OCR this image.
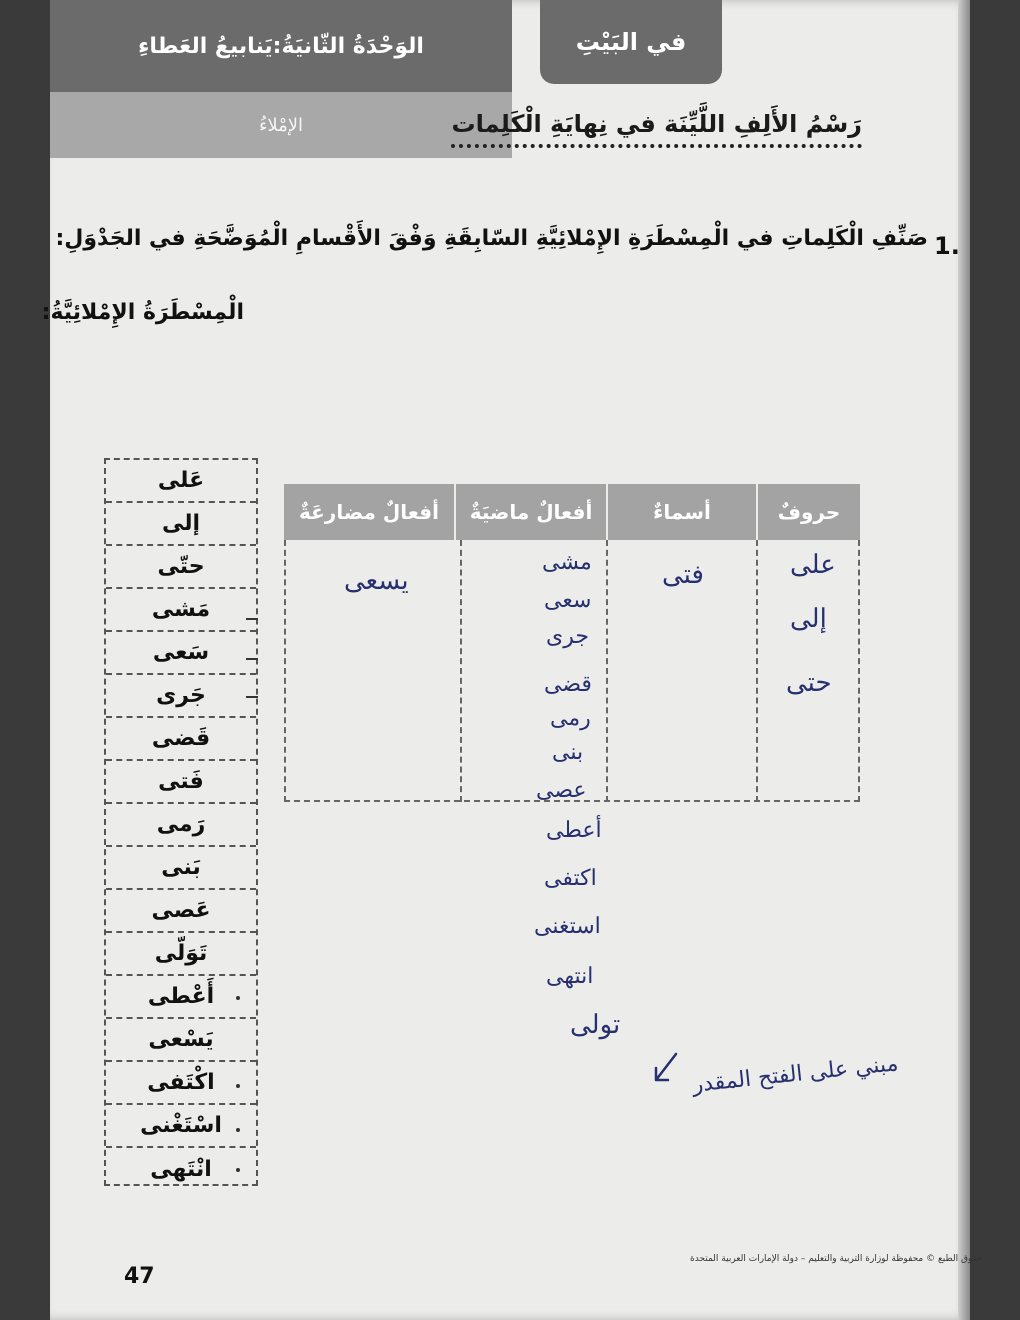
الوَحْدَةُ الثّانيَةُ:يَنابيعُ العَطاءِ
الإمْلاءُ
في البَيْتِ
رَسْمُ الأَلِفِ اللَّيِّنَة في نِهايَةِ الْكَلِمات
1.
صَنِّفِ الْكَلِماتِ في الْمِسْطَرَةِ الإِمْلائِيَّةِ السّابِقَةِ وَفْقَ الأَقْسامِ الْمُوَضَّحَةِ في الجَدْوَلِ:
الْمِسْطَرَةُ الإِمْلائِيَّةُ:
عَلى
إلى
حتّى
مَشى
سَعى
جَرى
قَضى
فَتى
رَمى
بَنى
عَصى
تَوَلّى
أَعْطى
يَسْعى
اكْتَفى
اسْتَغْنى
انْتَهى
حروفٌ
أسماءٌ
أفعالٌ ماضيَةٌ
أفعالٌ مضارعَةٌ
على
إلى
حتى
فتى
يسعى
مشى
سعى
جرى
قضى
رمى
بنى
عصى
أعطى
اكتفى
استغنى
انتهى
تولى
مبني على الفتح المقدر
47
حقوق الطبع © محفوظة لوزارة التربية والتعليم – دولة الإمارات العربية المتحدة
